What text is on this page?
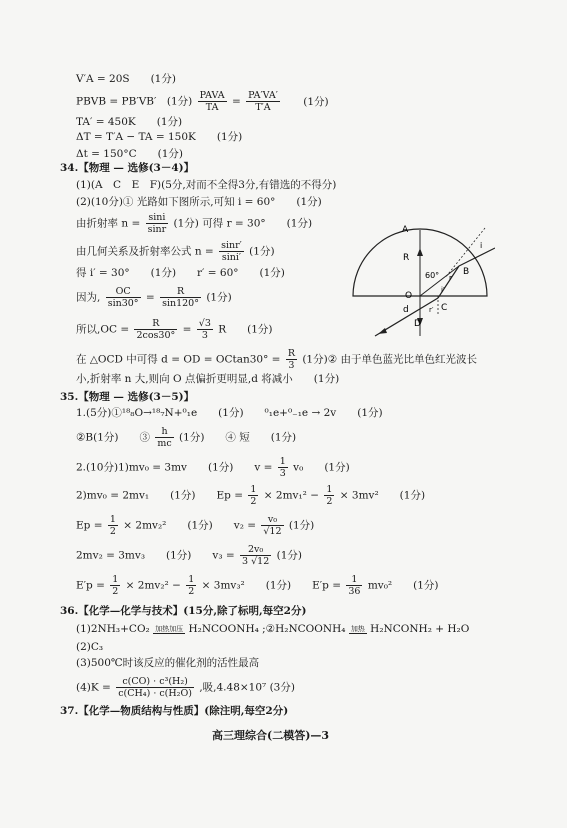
V′A = 20S　　(1分)
PBVB = PB′VB′　(1分) $\frac{\text{PAVA}}{TA} = \frac{PA'VA'}{T'A} (1$分)
TA′ = 450K　　(1分)
ΔT = T′A − TA = 150K　　(1分)
Δt = 150°C　　(1分)
34.【物理 — 选修(3－4)】
(1)(A　C　E　F)(5分,对而不全得3分,有错选的不得分)
(2)(10分)① 光路如下图所示,可知 i = 60°　　(1分)
由折射率 $n = \frac{\sin i}{\sin r} (1$分) 可得 r = 30°　　(1分)
由几何关系及折射率公式 $n = \frac{\sin r'}{\sin i'} (1$分)
得 i′ = 30°　　(1分)　　r′ = 60°　　(1分)
因为, $\frac{OC}{\sin 30^\circ} = \frac{R}{\sin 120^\circ} (1$分)
所以$,OC = \frac{R}{2\cos 30^\circ} = \frac{√3}{3}$ R　　(1分)
在 △OCD 中可得 d = OD = $OCtan30^\circ = \frac{R}{3} (1$分)② 由于单色蓝光比单色红光波长
小,折射率 n 大,则向 O 点偏折更明显,d 将减小　　(1分)
35.【物理 — 选修(3－5)】
1.(5分)①¹⁸₈O→¹⁸₇N+⁰₁e　　(1分)　　⁰₁e+⁰₋₁e → 2v　　(1分)
②B(1分)　　③ $\frac{h}{mc} (1$分)　　④ 短　　(1分)
2.(10分)1)mv₀ = 3mv　　(1分)　　$v = \frac{1}{3} v_0$　　(1分)
2)mv₀ = 2mv₁　　(1分)　　$Ep = \frac{1}{2} \times 2mv_1^2 - \frac{1}{2} \times 3mv^2$　　(1分)
$Ep = \frac{1}{2} \times 2mv_2^2$　　(1分)　　$v_2 = \frac{\text{v₀}}{√12} (1$分)
2mv₂ = 3mv₃　　(1分)　　$v_3 = \frac{\text{2v₀}}{3 √12} (1$分)
$E'p = \frac{1}{2} \times 2mv_2^2 - \frac{1}{2} \times 3mv_3^2$　　(1分)　　$E'p = \frac{1}{36} mv_0^2$　　(1分)
36.【化学—化学与技术】(15分,除了标明,每空2分)
(1)2NH₃+CO₂ 加热加压 H₂NCOONH₄ ;②H₂NCOONH₄ 加热 H₂NCONH₂ + H₂O
(2)C₃
(3)500℃时该反应的催化剂的活性最高
$(4)K = \frac{\text{c(CO) · c³(H₂)}}{\text{c(CH₄) · c(H₂O)}}$ ,吸,4.48×10⁷ (3分)
37.【化学—物质结构与性质】(除注明,每空2分)
高三理综合(二模答)—3
A
R
60°
O
d
D
C
B
i
r
i′
r′
